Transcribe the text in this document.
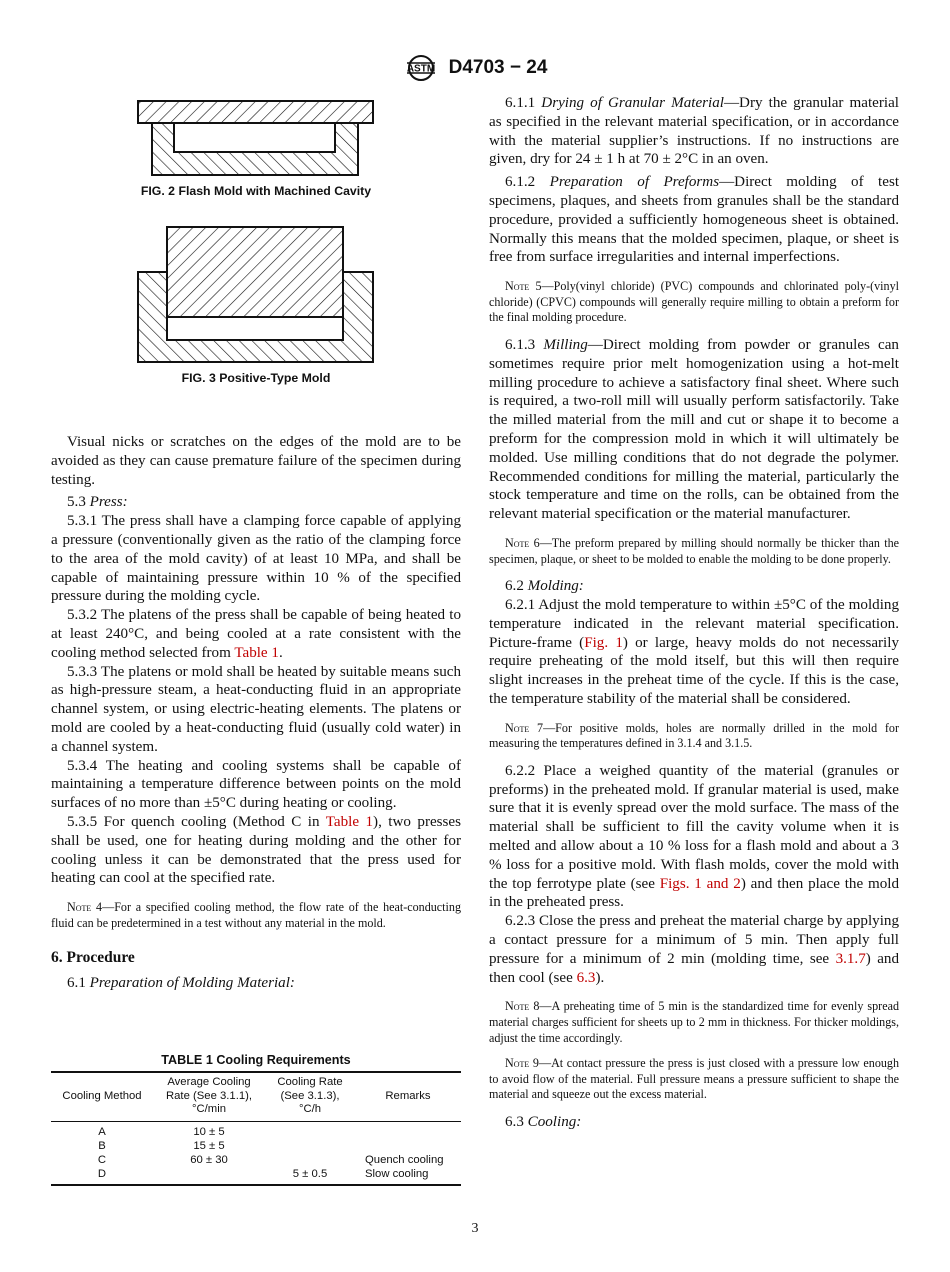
ASTM D4703 − 24
FIG. 2 Flash Mold with Machined Cavity
FIG. 3 Positive-Type Mold

Visual nicks or scratches on the edges of the mold are to be avoided as they can cause premature failure of the specimen during testing.

5.3 Press:

5.3.1 The press shall have a clamping force capable of applying a pressure (conventionally given as the ratio of the clamping force to the area of the mold cavity) of at least 10 MPa, and shall be capable of maintaining pressure within 10 % of the specified pressure during the molding cycle.

5.3.2 The platens of the press shall be capable of being heated to at least 240°C, and being cooled at a rate consistent with the cooling method selected from Table 1.

5.3.3 The platens or mold shall be heated by suitable means such as high-pressure steam, a heat-conducting fluid in an appropriate channel system, or using electric-heating elements. The platens or mold are cooled by a heat-conducting fluid (usually cold water) in a channel system.

5.3.4 The heating and cooling systems shall be capable of maintaining a temperature difference between points on the mold surfaces of no more than ±5°C during heating or cooling.

5.3.5 For quench cooling (Method C in Table 1), two presses shall be used, one for heating during molding and the other for cooling unless it can be demonstrated that the press used for heating can cool at the specified rate.

Note 4—For a specified cooling method, the flow rate of the heat-conducting fluid can be predetermined in a test without any material in the mold.

6. Procedure

6.1 Preparation of Molding Material:

TABLE 1 Cooling Requirements
Cooling Method	Average Cooling
Rate (See 3.1.1),
°C/min	Cooling Rate
(See 3.1.3),
°C/h	Remarks
A	10 ± 5		
B	15 ± 5		
C	60 ± 30		Quench cooling
D		5 ± 0.5	Slow cooling

6.1.1 Drying of Granular Material—Dry the granular material as specified in the relevant material specification, or in accordance with the material supplier’s instructions. If no instructions are given, dry for 24 ± 1 h at 70 ± 2°C in an oven.

6.1.2 Preparation of Preforms—Direct molding of test specimens, plaques, and sheets from granules shall be the standard procedure, provided a sufficiently homogeneous sheet is obtained. Normally this means that the molded specimen, plaque, or sheet is free from surface irregularities and internal imperfections.

Note 5—Poly(vinyl chloride) (PVC) compounds and chlorinated poly-(vinyl chloride) (CPVC) compounds will generally require milling to obtain a preform for the final molding procedure.

6.1.3 Milling—Direct molding from powder or granules can sometimes require prior melt homogenization using a hot-melt milling procedure to achieve a satisfactory final sheet. Where such is required, a two-roll mill will usually perform satisfactorily. Take the milled material from the mill and cut or shape it to become a preform for the compression mold in which it will ultimately be molded. Use milling conditions that do not degrade the polymer. Recommended conditions for milling the material, particularly the stock temperature and time on the rolls, can be obtained from the relevant material specification or the material manufacturer.

Note 6—The preform prepared by milling should normally be thicker than the specimen, plaque, or sheet to be molded to enable the molding to be done properly.

6.2 Molding:

6.2.1 Adjust the mold temperature to within ±5°C of the molding temperature indicated in the relevant material specification. Picture-frame (Fig. 1) or large, heavy molds do not necessarily require preheating of the mold itself, but this will then require slight increases in the preheat time of the cycle. If this is the case, the temperature stability of the material shall be considered.

Note 7—For positive molds, holes are normally drilled in the mold for measuring the temperatures defined in 3.1.4 and 3.1.5.

6.2.2 Place a weighed quantity of the material (granules or preforms) in the preheated mold. If granular material is used, make sure that it is evenly spread over the mold surface. The mass of the material shall be sufficient to fill the cavity volume when it is melted and allow about a 10 % loss for a flash mold and about a 3 % loss for a positive mold. With flash molds, cover the mold with the top ferrotype plate (see Figs. 1 and 2) and then place the mold in the preheated press.

6.2.3 Close the press and preheat the material charge by applying a contact pressure for a minimum of 5 min. Then apply full pressure for a minimum of 2 min (molding time, see 3.1.7) and then cool (see 6.3).

Note 8—A preheating time of 5 min is the standardized time for evenly spread material charges sufficient for sheets up to 2 mm in thickness. For thicker moldings, adjust the time accordingly.

Note 9—At contact pressure the press is just closed with a pressure low enough to avoid flow of the material. Full pressure means a pressure sufficient to shape the material and squeeze out the excess material.

6.3 Cooling:

3
